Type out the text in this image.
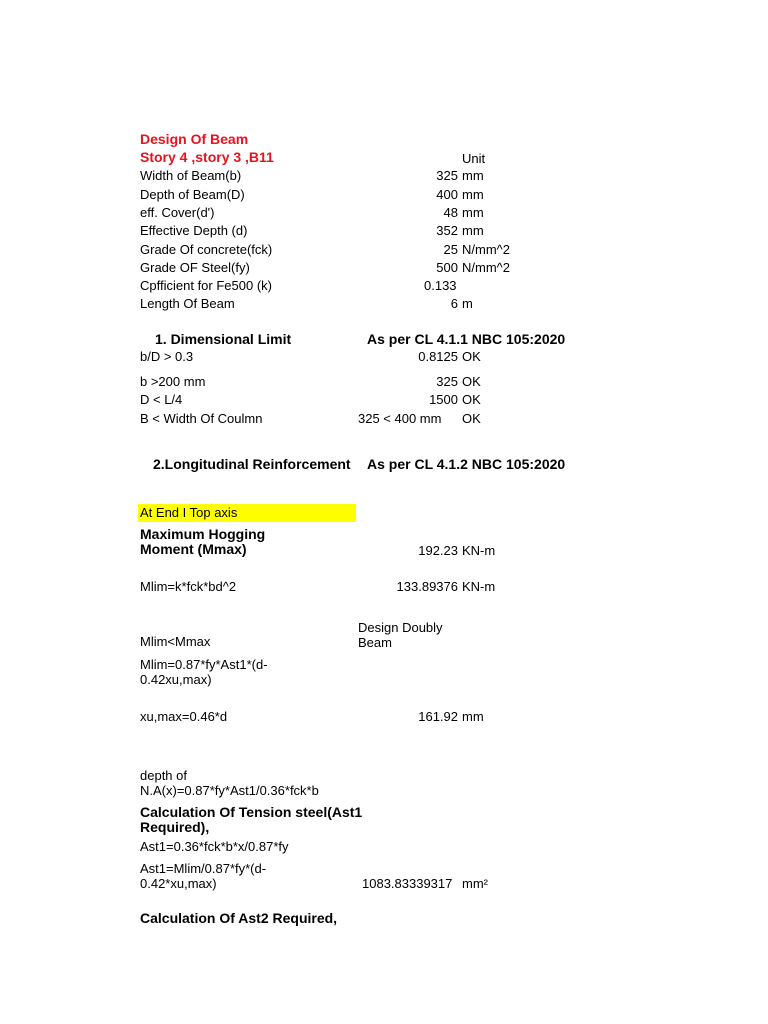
Design Of Beam
Story 4 ,story 3 ,B11	Unit
Width of Beam(b)	325 mm
Depth of Beam(D)	400 mm
eff. Cover(d')	48 mm
Effective Depth (d)	352 mm
Grade Of concrete(fck)	25 N/mm^2
Grade OF Steel(fy)	500 N/mm^2
Cpfficient for Fe500 (k)	0.133
Length Of Beam	6 m
1. Dimensional Limit	As per CL 4.1.1 NBC 105:2020
b/D > 0.3	0.8125 OK
b >200 mm	325 OK
D < L/4	1500 OK
B < Width Of Coulmn	325 < 400 mm OK
2.Longitudinal Reinforcement As per CL 4.1.2 NBC 105:2020
At End I Top axis
Maximum Hogging Moment (Mmax)	192.23 KN-m
Mlim=k*fck*bd^2	133.89376 KN-m
Design Doubly Beam
Mlim<Mmax
Mlim=0.87*fy*Ast1*(d-0.42xu,max)
xu,max=0.46*d	161.92 mm
depth of N.A(x)=0.87*fy*Ast1/0.36*fck*b
Calculation Of Tension steel(Ast1 Required),
Ast1=0.36*fck*b*x/0.87*fy
Ast1=Mlim/0.87*fy*(d-0.42*xu,max)	1083.83339317 mm²
Calculation Of Ast2 Required,
